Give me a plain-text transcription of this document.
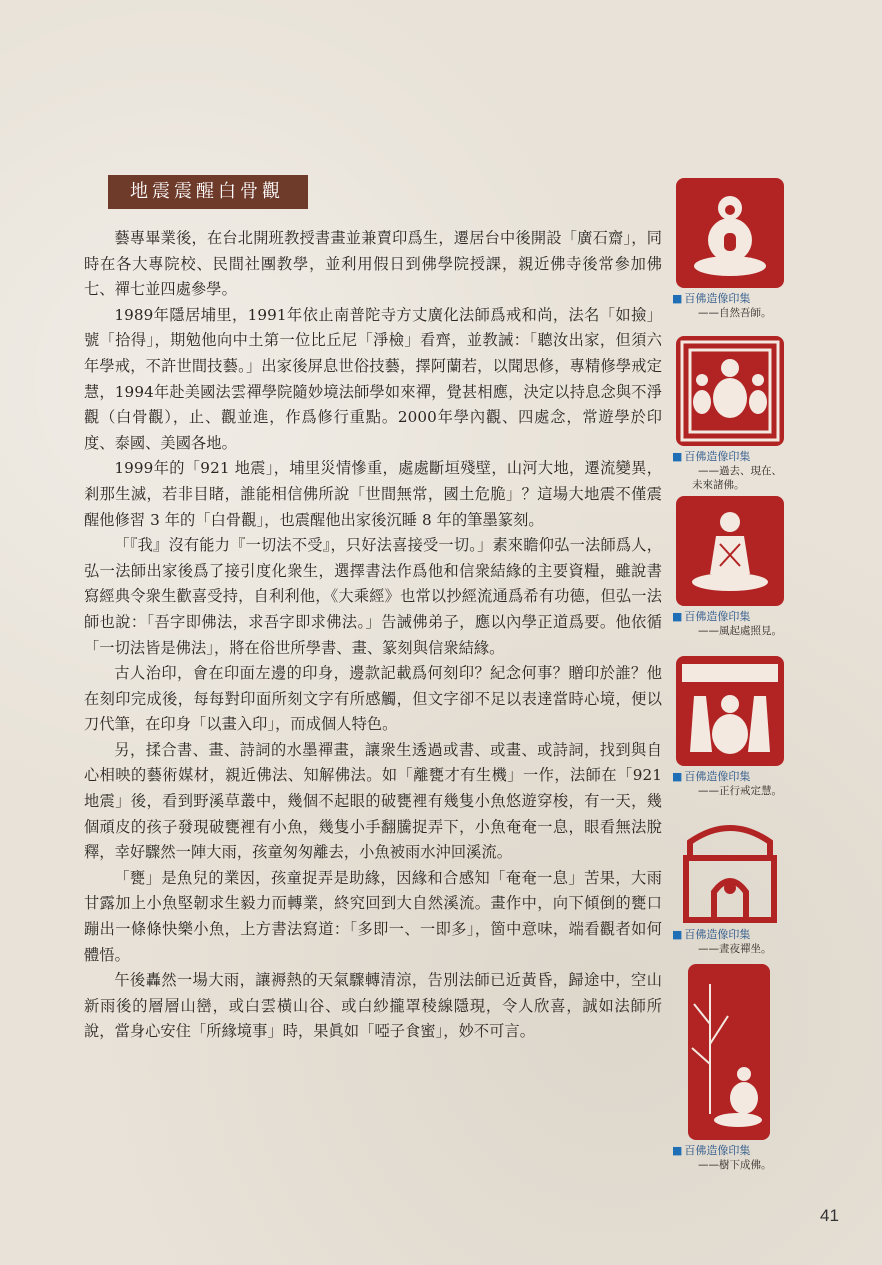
地震震醒白骨觀

藝專畢業後，在台北開班教授書畫並兼賣印爲生，遷居台中後開設「廣石齋」，同時在各大專院校、民間社團教學，並利用假日到佛學院授課，親近佛寺後常參加佛七、禪七並四處參學。

1989年隱居埔里，1991年依止南普陀寺方丈廣化法師爲戒和尚，法名「如撿」號「拾得」，期勉他向中土第一位比丘尼「淨檢」看齊，並教誡：「聽汝出家，但須六年學戒，不許世間技藝。」出家後屏息世俗技藝，擇阿蘭若，以聞思修，專精修學戒定慧，1994年赴美國法雲禪學院隨妙境法師學如來禪，覺甚相應，決定以持息念與不淨觀（白骨觀），止、觀並進，作爲修行重點。2000年學內觀、四處念，常遊學於印度、泰國、美國各地。

1999年的「921 地震」，埔里災情慘重，處處斷垣殘壁，山河大地，遷流變異，剎那生滅，若非目睹，誰能相信佛所說「世間無常，國土危脆」？這場大地震不僅震醒他修習 3 年的「白骨觀」，也震醒他出家後沉睡 8 年的筆墨篆刻。

「『我』沒有能力『一切法不受』，只好法喜接受一切。」素來瞻仰弘一法師爲人，弘一法師出家後爲了接引度化衆生，選擇書法作爲他和信衆結緣的主要資糧，雖說書寫經典令衆生歡喜受持，自利利他，《大乘經》也常以抄經流通爲希有功德，但弘一法師也說：「吾字即佛法，求吾字即求佛法。」告誡佛弟子，應以內學正道爲要。他依循「一切法皆是佛法」，將在俗世所學書、畫、篆刻與信衆結緣。

古人治印，會在印面左邊的印身，邊款記載爲何刻印？紀念何事？贈印於誰？他在刻印完成後，每每對印面所刻文字有所感觸，但文字卻不足以表達當時心境，便以刀代筆，在印身「以畫入印」，而成個人特色。

另，揉合書、畫、詩詞的水墨禪畫，讓衆生透過或書、或畫、或詩詞，找到與自心相映的藝術媒材，親近佛法、知解佛法。如「離甕才有生機」一作，法師在「921 地震」後，看到野溪草叢中，幾個不起眼的破甕裡有幾隻小魚悠遊穿梭，有一天，幾個頑皮的孩子發現破甕裡有小魚，幾隻小手翻騰捉弄下，小魚奄奄一息，眼看無法脫釋，幸好驟然一陣大雨，孩童匆匆離去，小魚被雨水沖回溪流。

「甕」是魚兒的業因，孩童捉弄是助緣，因緣和合感知「奄奄一息」苦果，大雨甘露加上小魚堅韌求生毅力而轉業，終究回到大自然溪流。畫作中，向下傾倒的甕口蹦出一條條快樂小魚，上方書法寫道：「多即一、一即多」，箇中意味，端看觀者如何體悟。

午後轟然一場大雨，讓褥熱的天氣驟轉清涼，告別法師已近黃昏，歸途中，空山新雨後的層層山巒，或白雲橫山谷、或白紗攏罩稜線隱現，令人欣喜，誠如法師所說，當身心安住「所緣境事」時，果眞如「啞子食蜜」，妙不可言。

■ 百佛造像印集
——自然吾師。
■ 百佛造像印集
——過去、現在、
未來諸佛。
■ 百佛造像印集
——風起處照見。
■ 百佛造像印集
——正行戒定慧。
■ 百佛造像印集
——晝夜禪坐。
■ 百佛造像印集
——樹下成佛。
41
